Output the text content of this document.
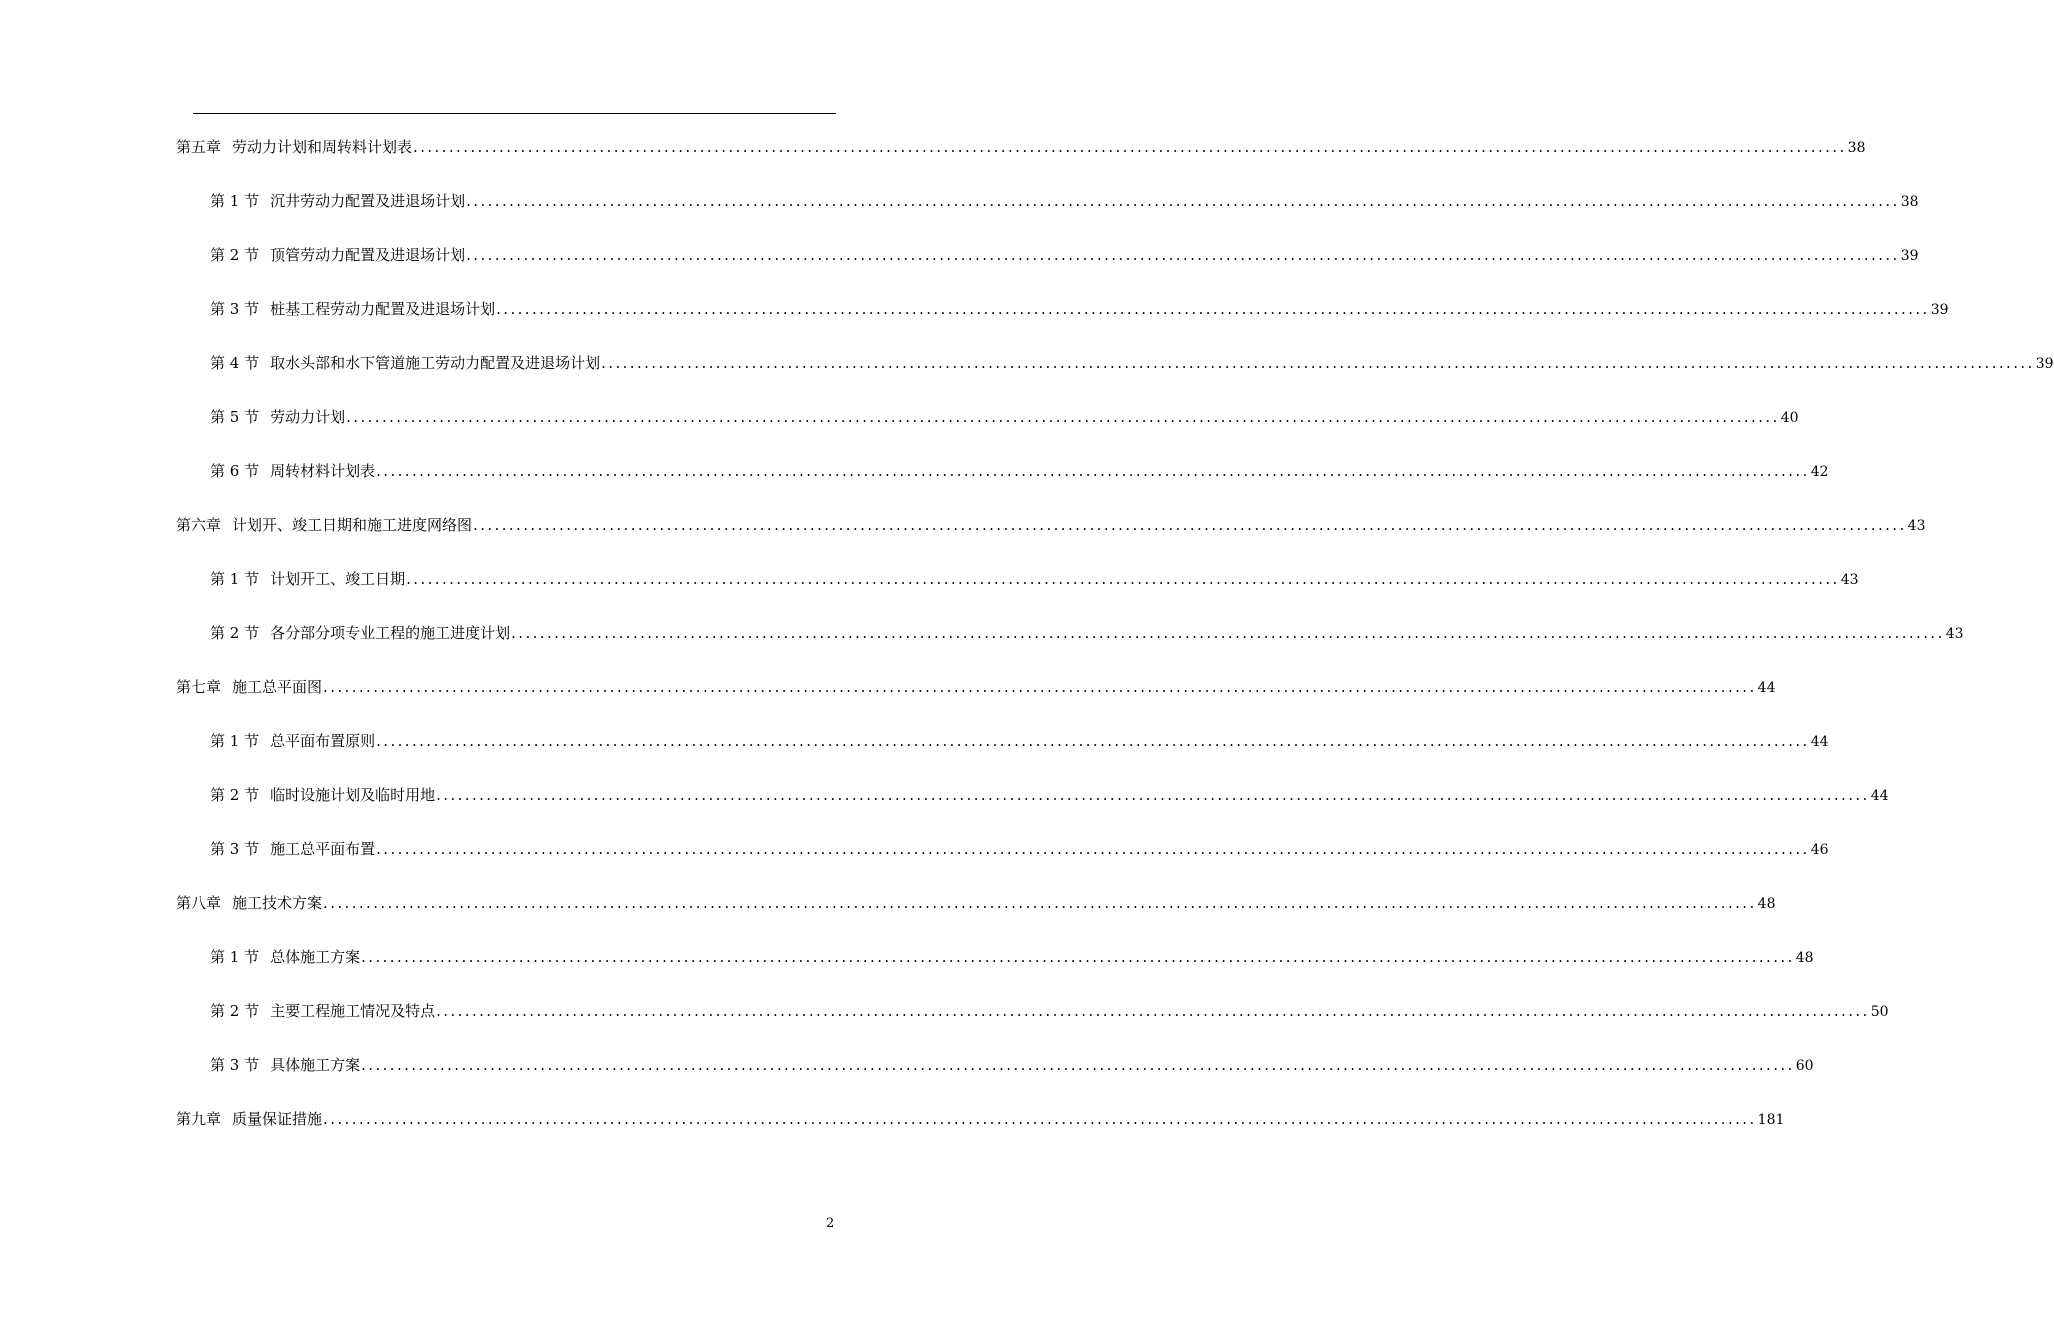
第五章 劳动力计划和周转料计划表 ........................................................................................................................................................................................................ 38
第 1 节 沉井劳动力配置及进退场计划 ........................................................................................................................................................................................................ 38
第 2 节 顶管劳动力配置及进退场计划 ........................................................................................................................................................................................................ 39
第 3 节 桩基工程劳动力配置及进退场计划 ........................................................................................................................................................................................................ 39
第 4 节 取水头部和水下管道施工劳动力配置及进退场计划 ........................................................................................................................................................................................................ 39
第 5 节 劳动力计划 ........................................................................................................................................................................................................ 40
第 6 节 周转材料计划表 ........................................................................................................................................................................................................ 42
第六章 计划开、竣工日期和施工进度网络图 ........................................................................................................................................................................................................ 43
第 1 节 计划开工、竣工日期 ........................................................................................................................................................................................................ 43
第 2 节 各分部分项专业工程的施工进度计划 ........................................................................................................................................................................................................ 43
第七章 施工总平面图 ........................................................................................................................................................................................................ 44
第 1 节 总平面布置原则 ........................................................................................................................................................................................................ 44
第 2 节 临时设施计划及临时用地 ........................................................................................................................................................................................................ 44
第 3 节 施工总平面布置 ........................................................................................................................................................................................................ 46
第八章 施工技术方案 ........................................................................................................................................................................................................ 48
第 1 节 总体施工方案 ........................................................................................................................................................................................................ 48
第 2 节 主要工程施工情况及特点 ........................................................................................................................................................................................................ 50
第 3 节 具体施工方案 ........................................................................................................................................................................................................ 60
第九章 质量保证措施 ........................................................................................................................................................................................................ 181
2
